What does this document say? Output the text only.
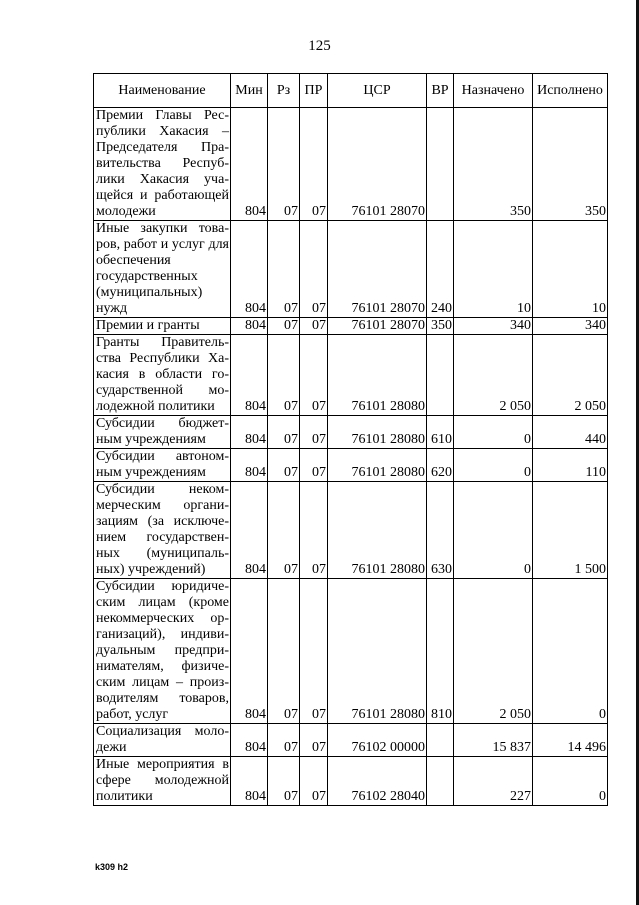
125
Наименование	Мин	Рз	ПР	ЦСР	ВР	Назначено	Исполнено
Премии Главы Республики Хакасия – Председателя Правительства Республики Хакасия учащейся и работающей молодежи	804	07	07	76101 28070		350	350
Иные закупки товаров, работ и услуг для обеспечения государственных (муниципальных) нужд	804	07	07	76101 28070	240	10	10
Премии и гранты	804	07	07	76101 28070	350	340	340
Гранты Правительства Республики Хакасия в области государственной молодежной политики	804	07	07	76101 28080		2 050	2 050
Субсидии бюджетным учреждениям	804	07	07	76101 28080	610	0	440
Субсидии автономным учреждениям	804	07	07	76101 28080	620	0	110
Субсидии некоммерческим организациям (за исключением государственных (муниципальных) учреждений)	804	07	07	76101 28080	630	0	1 500
Субсидии юридическим лицам (кроме некоммерческих организаций), индивидуальным предпринимателям, физическим лицам – производителям товаров, работ, услуг	804	07	07	76101 28080	810	2 050	0
Социализация молодежи	804	07	07	76102 00000		15 837	14 496
Иные мероприятия в сфере молодежной политики	804	07	07	76102 28040		227	0
k309 h2
